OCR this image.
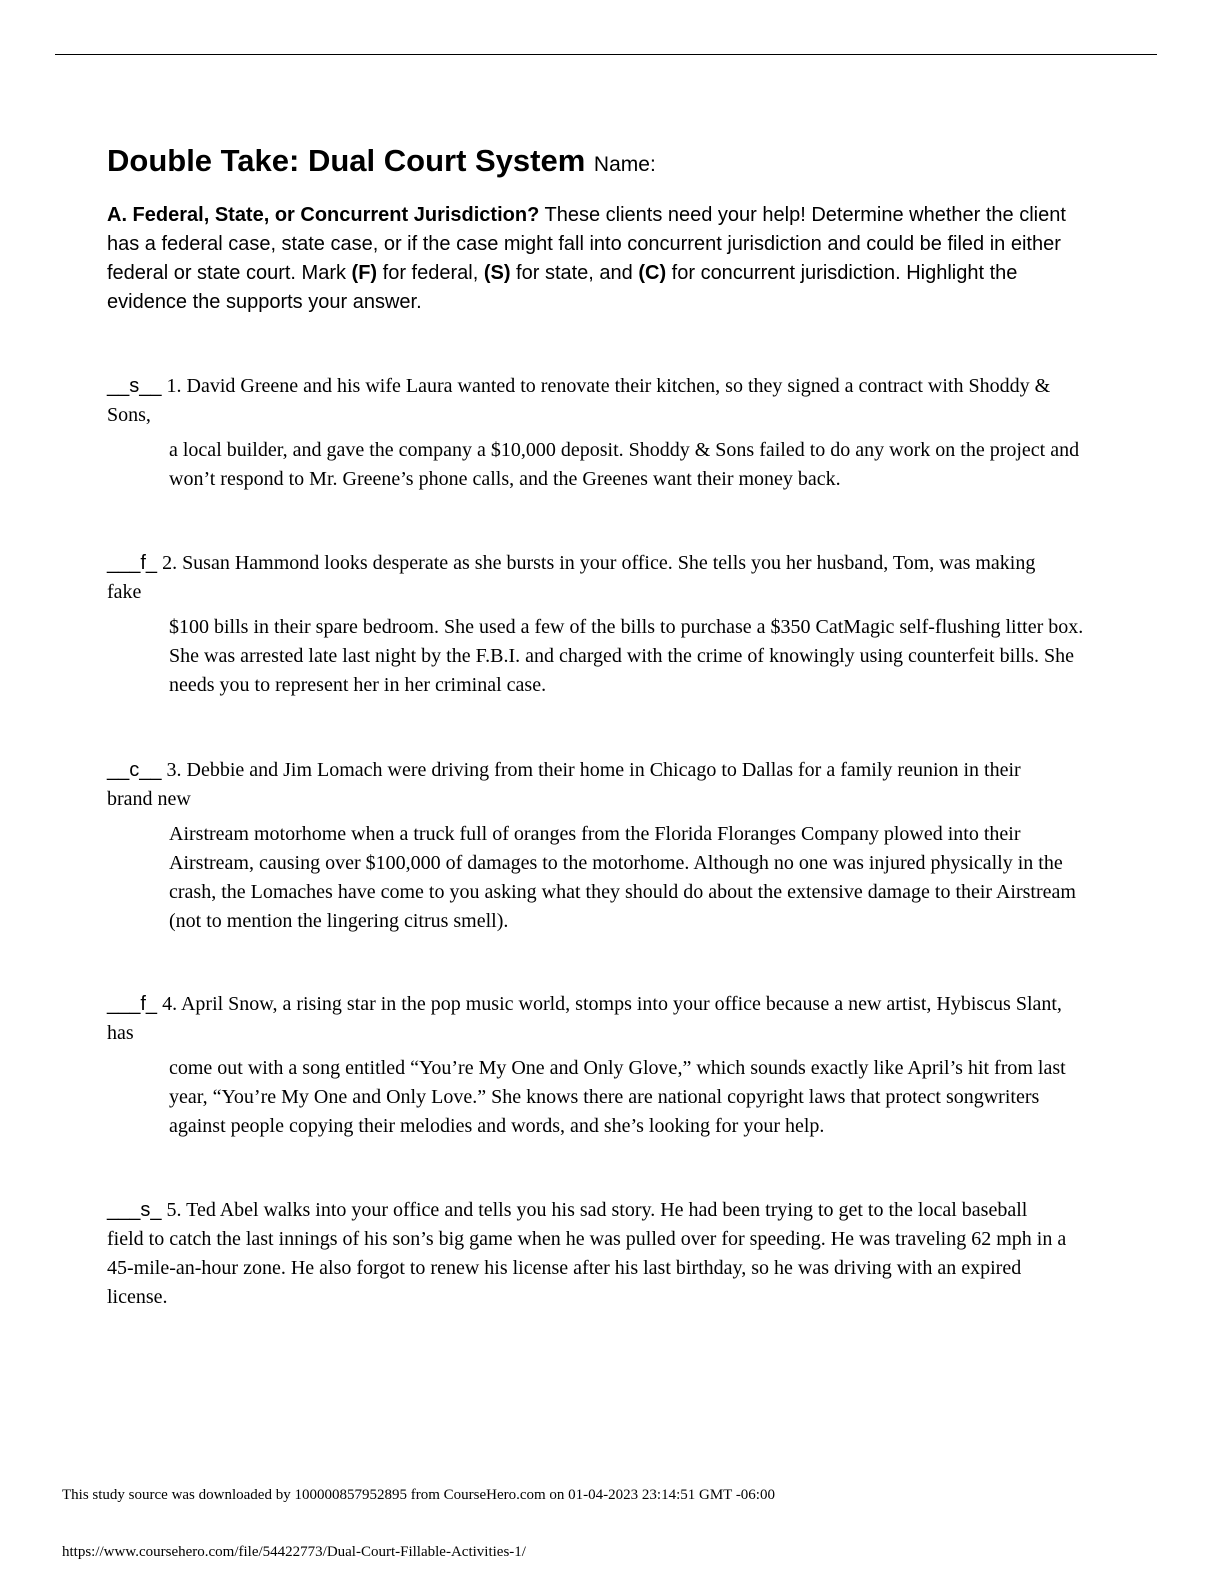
Double Take: Dual Court System Name:

A. Federal, State, or Concurrent Jurisdiction? These clients need your help! Determine whether the client has a federal case, state case, or if the case might fall into concurrent jurisdiction and could be filed in either federal or state court. Mark (F) for federal, (S) for state, and (C) for concurrent jurisdiction. Highlight the evidence the supports your answer.

__s__ 1. David Greene and his wife Laura wanted to renovate their kitchen, so they signed a contract with Shoddy & Sons,
a local builder, and gave the company a $10,000 deposit. Shoddy & Sons failed to do any work on the project and won’t respond to Mr. Greene’s phone calls, and the Greenes want their money back.
___f_ 2. Susan Hammond looks desperate as she bursts in your office. She tells you her husband, Tom, was making fake
$100 bills in their spare bedroom. She used a few of the bills to purchase a $350 CatMagic self-flushing litter box. She was arrested late last night by the F.B.I. and charged with the crime of knowingly using counterfeit bills. She needs you to represent her in her criminal case.
__c__ 3. Debbie and Jim Lomach were driving from their home in Chicago to Dallas for a family reunion in their brand new
Airstream motorhome when a truck full of oranges from the Florida Floranges Company plowed into their Airstream, causing over $100,000 of damages to the motorhome. Although no one was injured physically in the crash, the Lomaches have come to you asking what they should do about the extensive damage to their Airstream (not to mention the lingering citrus smell).
___f_ 4. April Snow, a rising star in the pop music world, stomps into your office because a new artist, Hybiscus Slant, has
come out with a song entitled “You’re My One and Only Glove,” which sounds exactly like April’s hit from last year, “You’re My One and Only Love.” She knows there are national copyright laws that protect songwriters against people copying their melodies and words, and she’s looking for your help.
___s_ 5. Ted Abel walks into your office and tells you his sad story. He had been trying to get to the local baseball field to catch the last innings of his son’s big game when he was pulled over for speeding. He was traveling 62 mph in a 45-mile-an-hour zone. He also forgot to renew his license after his last birthday, so he was driving with an expired license.
This study source was downloaded by 100000857952895 from CourseHero.com on 01-04-2023 23:14:51 GMT -06:00
https://www.coursehero.com/file/54422773/Dual-Court-Fillable-Activities-1/
